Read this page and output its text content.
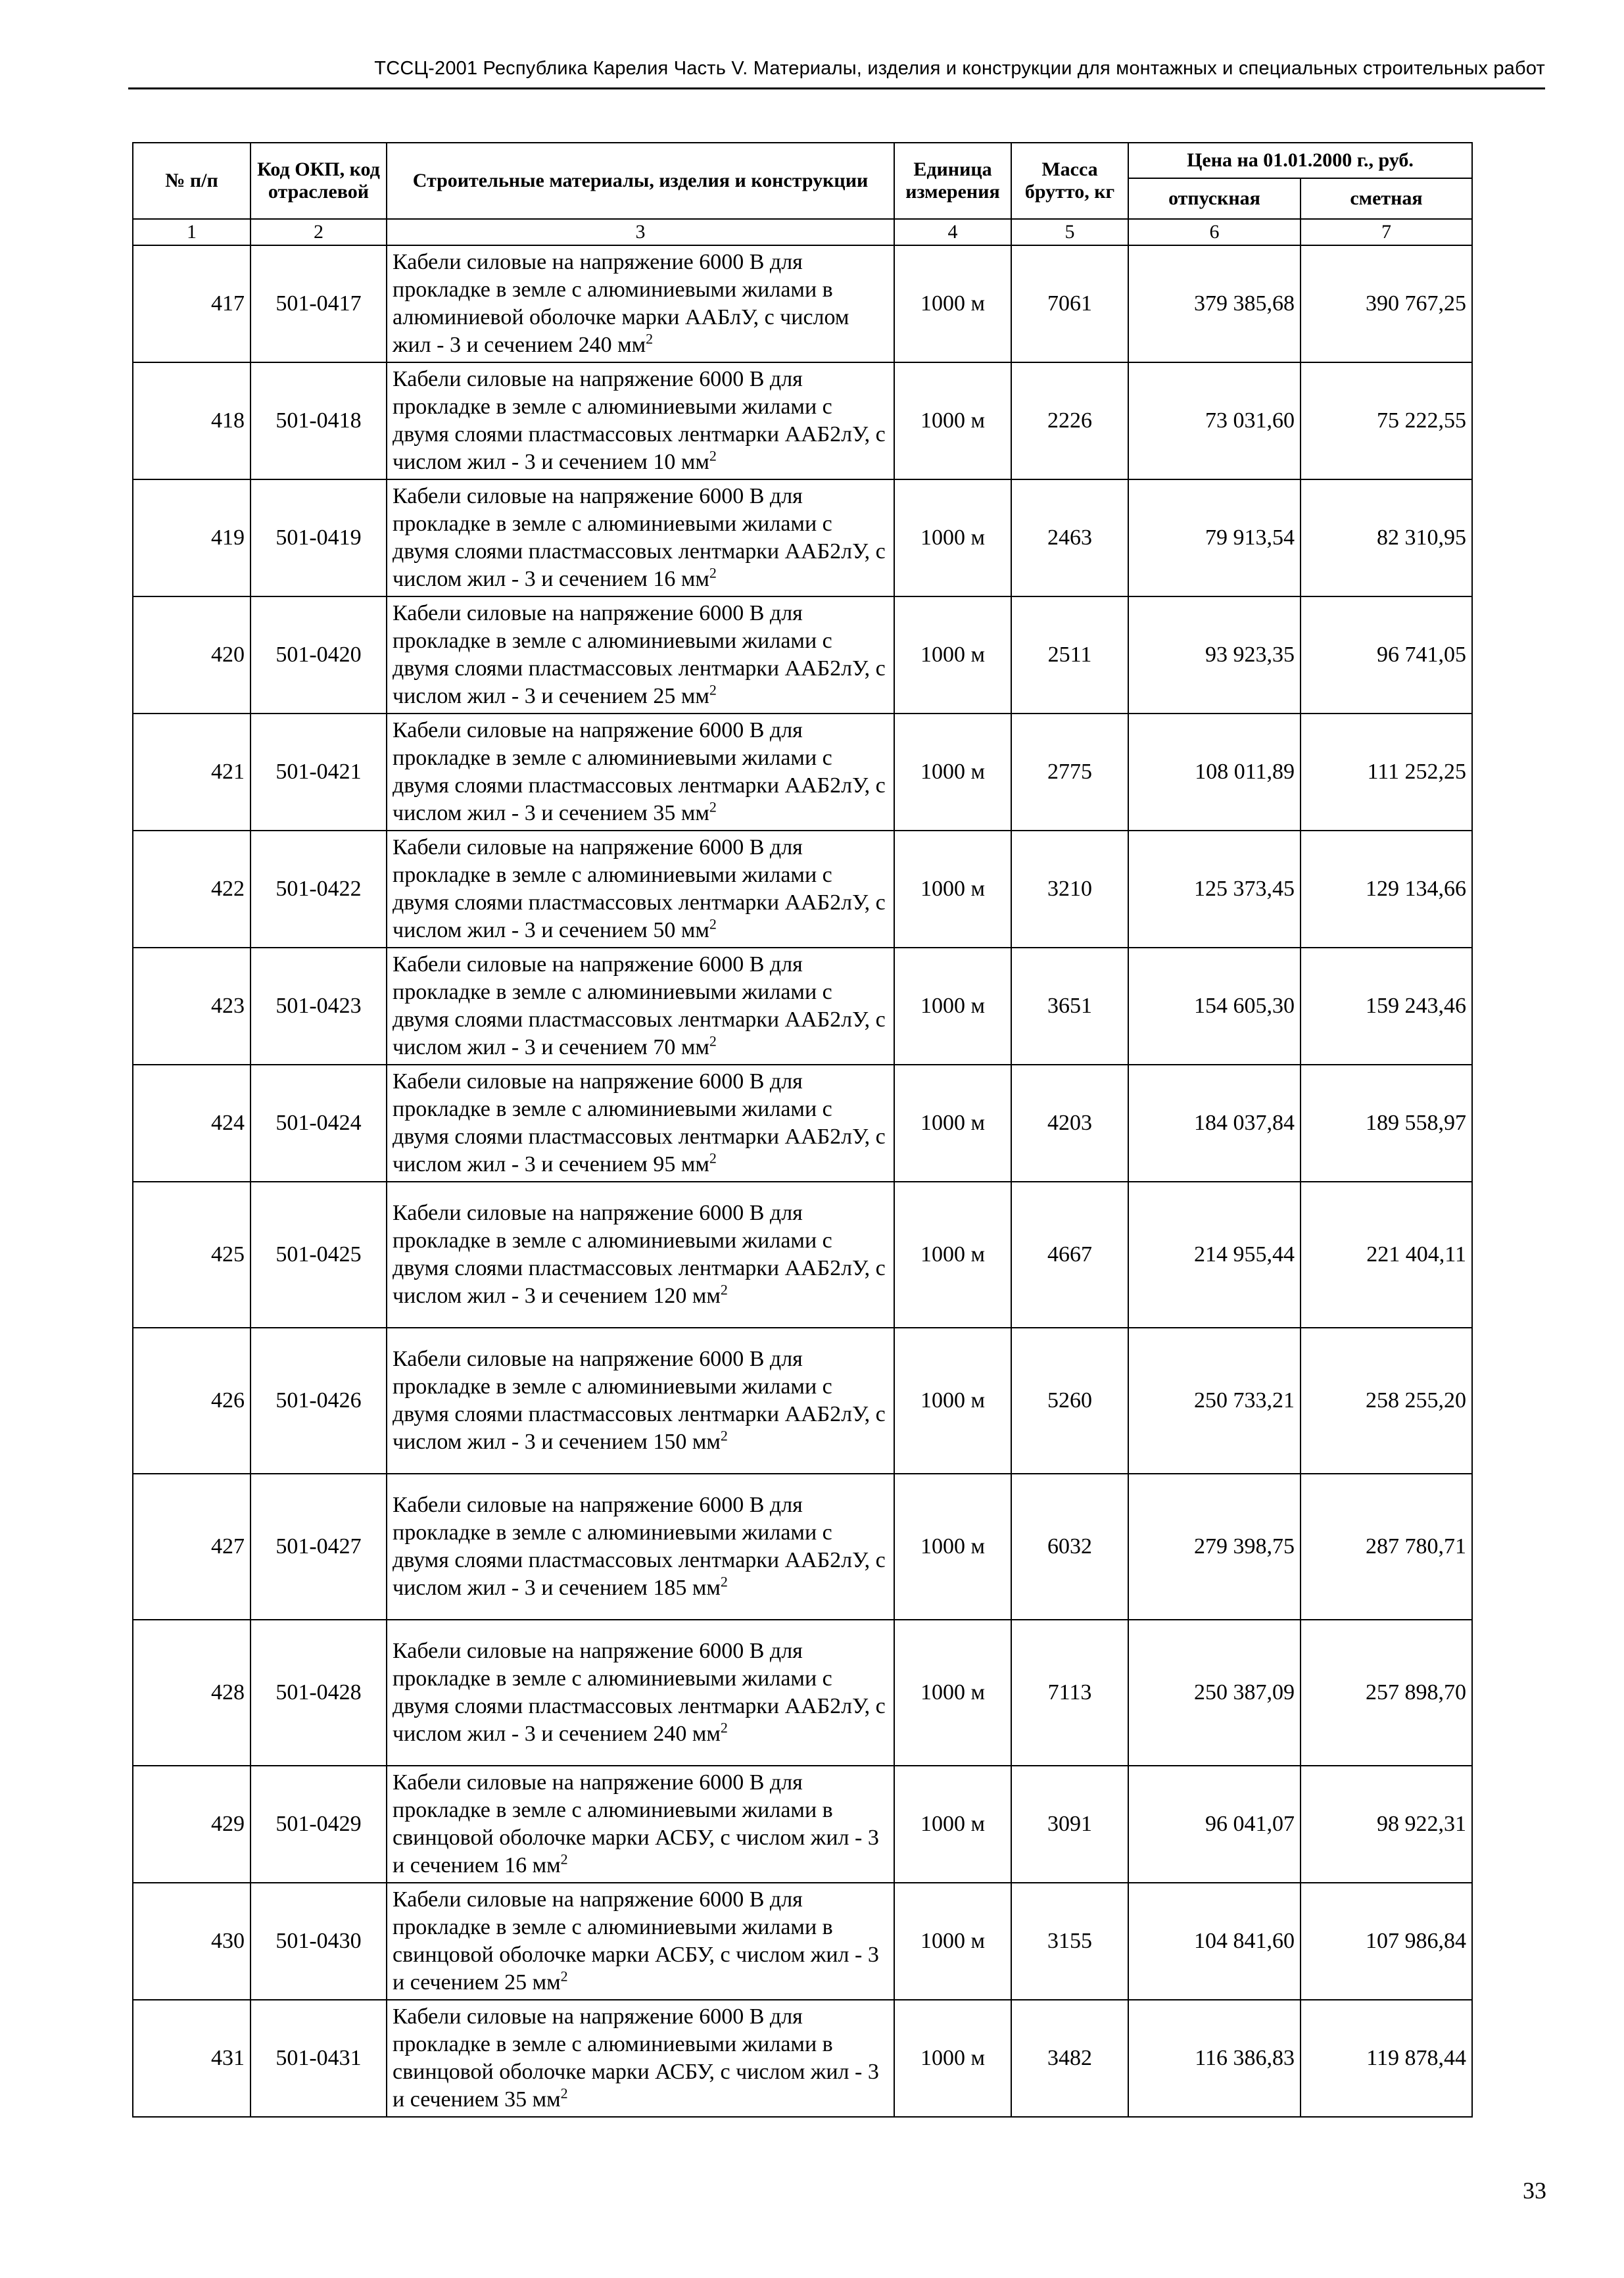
ТССЦ-2001 Республика Карелия Часть V. Материалы, изделия и конструкции для монтажных и специальных строительных работ
№ п/п	Код ОКП, код отраслевой	Строительные материалы, изделия и конструкции	Единица измерения	Масса брутто, кг	Цена на 01.01.2000 г., руб.	
					отпускная	сметная
1	2	3	4	5	6	7
417	501-0417	Кабели силовые на напряжение 6000 В для прокладке в земле с алюминиевыми жилами в алюминиевой оболочке марки ААБлУ, с числом жил - 3 и сечением 240 $мм^2$	1000 м	7061	379 385,68	390 767,25
418	501-0418	Кабели силовые на напряжение 6000 В для прокладке в земле с алюминиевыми жилами с двумя слоями пластмассовых лентмарки ААБ2лУ, с числом жил - 3 и сечением 10 $мм^2$	1000 м	2226	73 031,60	75 222,55
419	501-0419	Кабели силовые на напряжение 6000 В для прокладке в земле с алюминиевыми жилами с двумя слоями пластмассовых лентмарки ААБ2лУ, с числом жил - 3 и сечением 16 $мм^2$	1000 м	2463	79 913,54	82 310,95
420	501-0420	Кабели силовые на напряжение 6000 В для прокладке в земле с алюминиевыми жилами с двумя слоями пластмассовых лентмарки ААБ2лУ, с числом жил - 3 и сечением 25 $мм^2$	1000 м	2511	93 923,35	96 741,05
421	501-0421	Кабели силовые на напряжение 6000 В для прокладке в земле с алюминиевыми жилами с двумя слоями пластмассовых лентмарки ААБ2лУ, с числом жил - 3 и сечением 35 $мм^2$	1000 м	2775	108 011,89	111 252,25
422	501-0422	Кабели силовые на напряжение 6000 В для прокладке в земле с алюминиевыми жилами с двумя слоями пластмассовых лентмарки ААБ2лУ, с числом жил - 3 и сечением 50 $мм^2$	1000 м	3210	125 373,45	129 134,66
423	501-0423	Кабели силовые на напряжение 6000 В для прокладке в земле с алюминиевыми жилами с двумя слоями пластмассовых лентмарки ААБ2лУ, с числом жил - 3 и сечением 70 $мм^2$	1000 м	3651	154 605,30	159 243,46
424	501-0424	Кабели силовые на напряжение 6000 В для прокладке в земле с алюминиевыми жилами с двумя слоями пластмассовых лентмарки ААБ2лУ, с числом жил - 3 и сечением 95 $мм^2$	1000 м	4203	184 037,84	189 558,97
425	501-0425	Кабели силовые на напряжение 6000 В для прокладке в земле с алюминиевыми жилами с двумя слоями пластмассовых лентмарки ААБ2лУ, с числом жил - 3 и сечением 120 $мм^2$	1000 м	4667	214 955,44	221 404,11
426	501-0426	Кабели силовые на напряжение 6000 В для прокладке в земле с алюминиевыми жилами с двумя слоями пластмассовых лентмарки ААБ2лУ, с числом жил - 3 и сечением 150 $мм^2$	1000 м	5260	250 733,21	258 255,20
427	501-0427	Кабели силовые на напряжение 6000 В для прокладке в земле с алюминиевыми жилами с двумя слоями пластмассовых лентмарки ААБ2лУ, с числом жил - 3 и сечением 185 $мм^2$	1000 м	6032	279 398,75	287 780,71
428	501-0428	Кабели силовые на напряжение 6000 В для прокладке в земле с алюминиевыми жилами с двумя слоями пластмассовых лентмарки ААБ2лУ, с числом жил - 3 и сечением 240 $мм^2$	1000 м	7113	250 387,09	257 898,70
429	501-0429	Кабели силовые на напряжение 6000 В для прокладке в земле с алюминиевыми жилами в свинцовой оболочке марки АСБУ, с числом жил - 3 и сечением 16 $мм^2$	1000 м	3091	96 041,07	98 922,31
430	501-0430	Кабели силовые на напряжение 6000 В для прокладке в земле с алюминиевыми жилами в свинцовой оболочке марки АСБУ, с числом жил - 3 и сечением 25 $мм^2$	1000 м	3155	104 841,60	107 986,84
431	501-0431	Кабели силовые на напряжение 6000 В для прокладке в земле с алюминиевыми жилами в свинцовой оболочке марки АСБУ, с числом жил - 3 и сечением 35 $мм^2$	1000 м	3482	116 386,83	119 878,44
33
